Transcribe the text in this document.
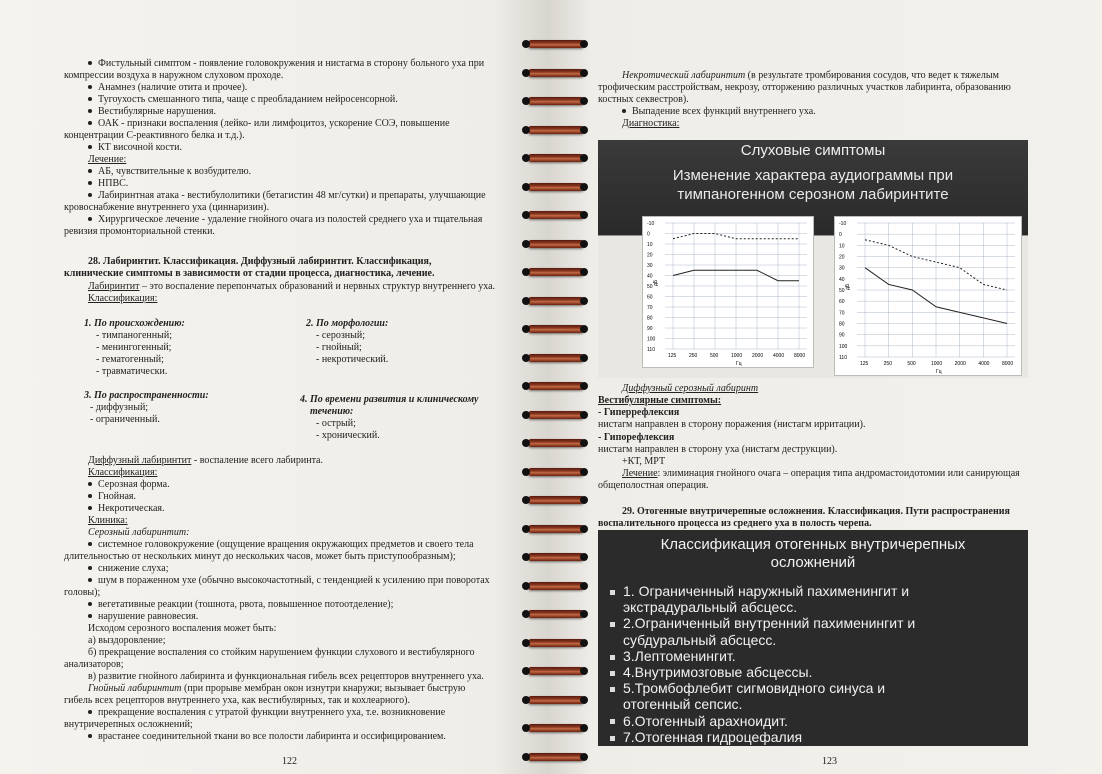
Фистульный симптом - появление головокружения и нистагма в сторону больного уха при
компрессии воздуха в наружном слуховом проходе.
Анамнез (наличие отита и прочее).
Тугоухость смешанного типа, чаще с преобладанием нейросенсорной.
Вестибулярные нарушения.
ОАК - признаки воспаления (лейко- или лимфоцитоз, ускорение СОЭ, повышение
концентрации С-реактивного белка и т.д.).
КТ височной кости.
Лечение:
АБ, чувствительные к возбудителю.
НПВС.
Лабиринтная атака - вестибулолитики (бетагистин 48 мг/сутки) и препараты, улучшающие
кровоснабжение внутреннего уха (циннаризин).
Хирургическое лечение - удаление гнойного очага из полостей среднего уха и тщательная
ревизия промонториальной стенки.
28. Лабиринтит. Классификация. Диффузный лабиринтит. Классификация,
клинические симптомы в зависимости от стадии процесса, диагностика, лечение.
Лабиринтит – это воспаление перепончатых образований и нервных структур внутреннего уха.
Классификация:
1. По происхождению:
- тимпаногенный;
- менингогенный;
- гематогенный;
- травматически.
2. По морфологии:
- серозный;
- гнойный;
- некротический.
3. По распространенности:
- диффузный;
- ограниченный.
4. По времени развития и клиническому
течению:
- острый;
- хронический.
Диффузный лабиринтит - воспаление всего лабиринта.
Классификация:
Серозная форма.
Гнойная.
Некротическая.
Клиника:
Серозный лабиринтит:
системное головокружение (ощущение вращения окружающих предметов и своего тела
длительностью от нескольких минут до нескольких часов, может быть приступообразным);
снижение слуха;
шум в пораженном ухе (обычно высокочастотный, с тенденцией к усилению при поворотах
головы);
вегетативные реакции (тошнота, рвота, повышенное потоотделение);
нарушение равновесия.
Исходом серозного воспаления может быть:
а) выздоровление;
б) прекращение воспаления со стойким нарушением функции слухового и вестибулярного
анализаторов;
в) развитие гнойного лабиринта и функциональная гибель всех рецепторов внутреннего уха.
Гнойный лабиринтит (при прорыве мембран окон изнутри кнаружи; вызывает быструю
гибель всех рецепторов внутреннего уха, как вестибулярных, так и кохлеарного).
прекращение воспаления с утратой функции внутреннего уха, т.е. возникновение
внутричерепных осложнений;
врастанее соединительной ткани во все полости лабиринта и оссифицированием.
122
Некротический лабиринтит (в результате тромбирования сосудов, что ведет к тяжелым
трофическим расстройствам, некрозу, отторжению различных участков лабиринта, образованию
костных секвестров).
Выпадение всех функций внутреннего уха.
Диагностика:
Диффузный серозный лабиринт
Вестибулярные симптомы:
- Гиперрефлексия
нистагм направлен в сторону поражения (нистагм ирритации).
- Гипорефлексия
нистагм направлен в сторону уха (нистагм деструкции).
+КТ, МРТ
Лечение: элиминация гнойного очага – операция типа андромастоидотомии или санирующая
общеполостная операция.
29. Отогенные внутричерепные осложнения. Классификация. Пути распространения
воспалительного процесса из среднего уха в полость черепа.
123
Слуховые симптомы
Изменение характера аудиограммы при
тимпаногенном серозном лабиринтите
-10
0
10
20
30
40
50
60
70
80
90
100
110
125	250	500	1000 2000 4000 8000
Гц
дБ
-10
0
10
20
30
40
50
60
70
80
90
100
110
125	250	500	1000	2000	4000	8000
Гц
дБ
Классификация отогенных внутричерепных
осложнений
1. Ограниченный наружный пахименингит и
экстрадуральный абсцесс.
2.Ограниченный внутренний пахименингит и
субдуральный абсцесс.
3.Лептоменингит.
4.Внутримозговые абсцессы.
5.Тромбофлебит сигмовидного синуса и
отогенный сепсис.
6.Отогенный арахноидит.
7.Отогенная гидроцефалия
